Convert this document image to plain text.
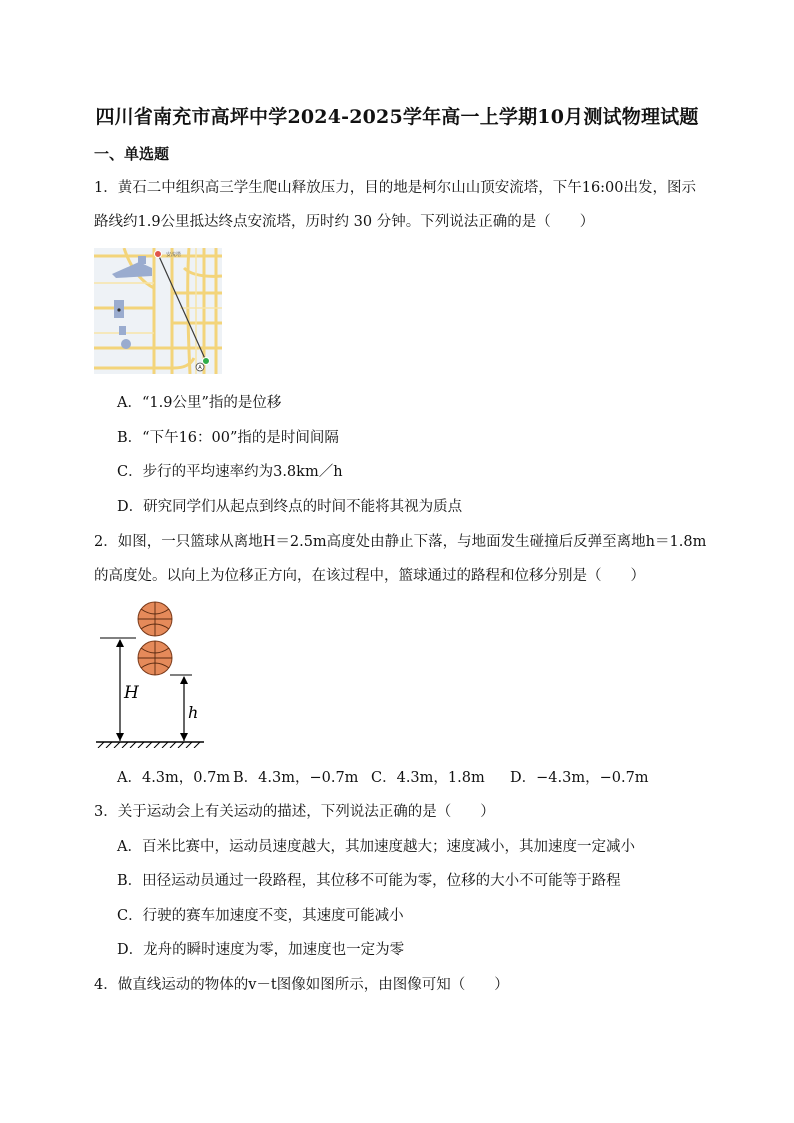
四川省南充市高坪中学2024-2025学年高一上学期10月测试物理试题
一、单选题
1．黄石二中组织高三学生爬山释放压力，目的地是柯尔山山顶安流塔，下午16:00出发，图示
路线约1.9公里抵达终点安流塔，历时约 30 分钟。下列说法正确的是（　　）
安流塔
A
A．“1.9公里”指的是位移
B．“下午16：00”指的是时间间隔
C．步行的平均速率约为3.8km／h
D．研究同学们从起点到终点的时间不能将其视为质点
2．如图，一只篮球从离地H＝2.5m高度处由静止下落，与地面发生碰撞后反弹至离地h＝1.8m
的高度处。以向上为位移正方向，在该过程中，篮球通过的路程和位移分别是（　　）
H
h
A．4.3m，0.7m B．4.3m，−0.7m C．4.3m，1.8m D．−4.3m，−0.7m
3．关于运动会上有关运动的描述，下列说法正确的是（　　）
A．百米比赛中，运动员速度越大，其加速度越大；速度减小，其加速度一定减小
B．田径运动员通过一段路程，其位移不可能为零，位移的大小不可能等于路程
C．行驶的赛车加速度不变，其速度可能减小
D．龙舟的瞬时速度为零，加速度也一定为零
4．做直线运动的物体的v－t图像如图所示，由图像可知（　　）
